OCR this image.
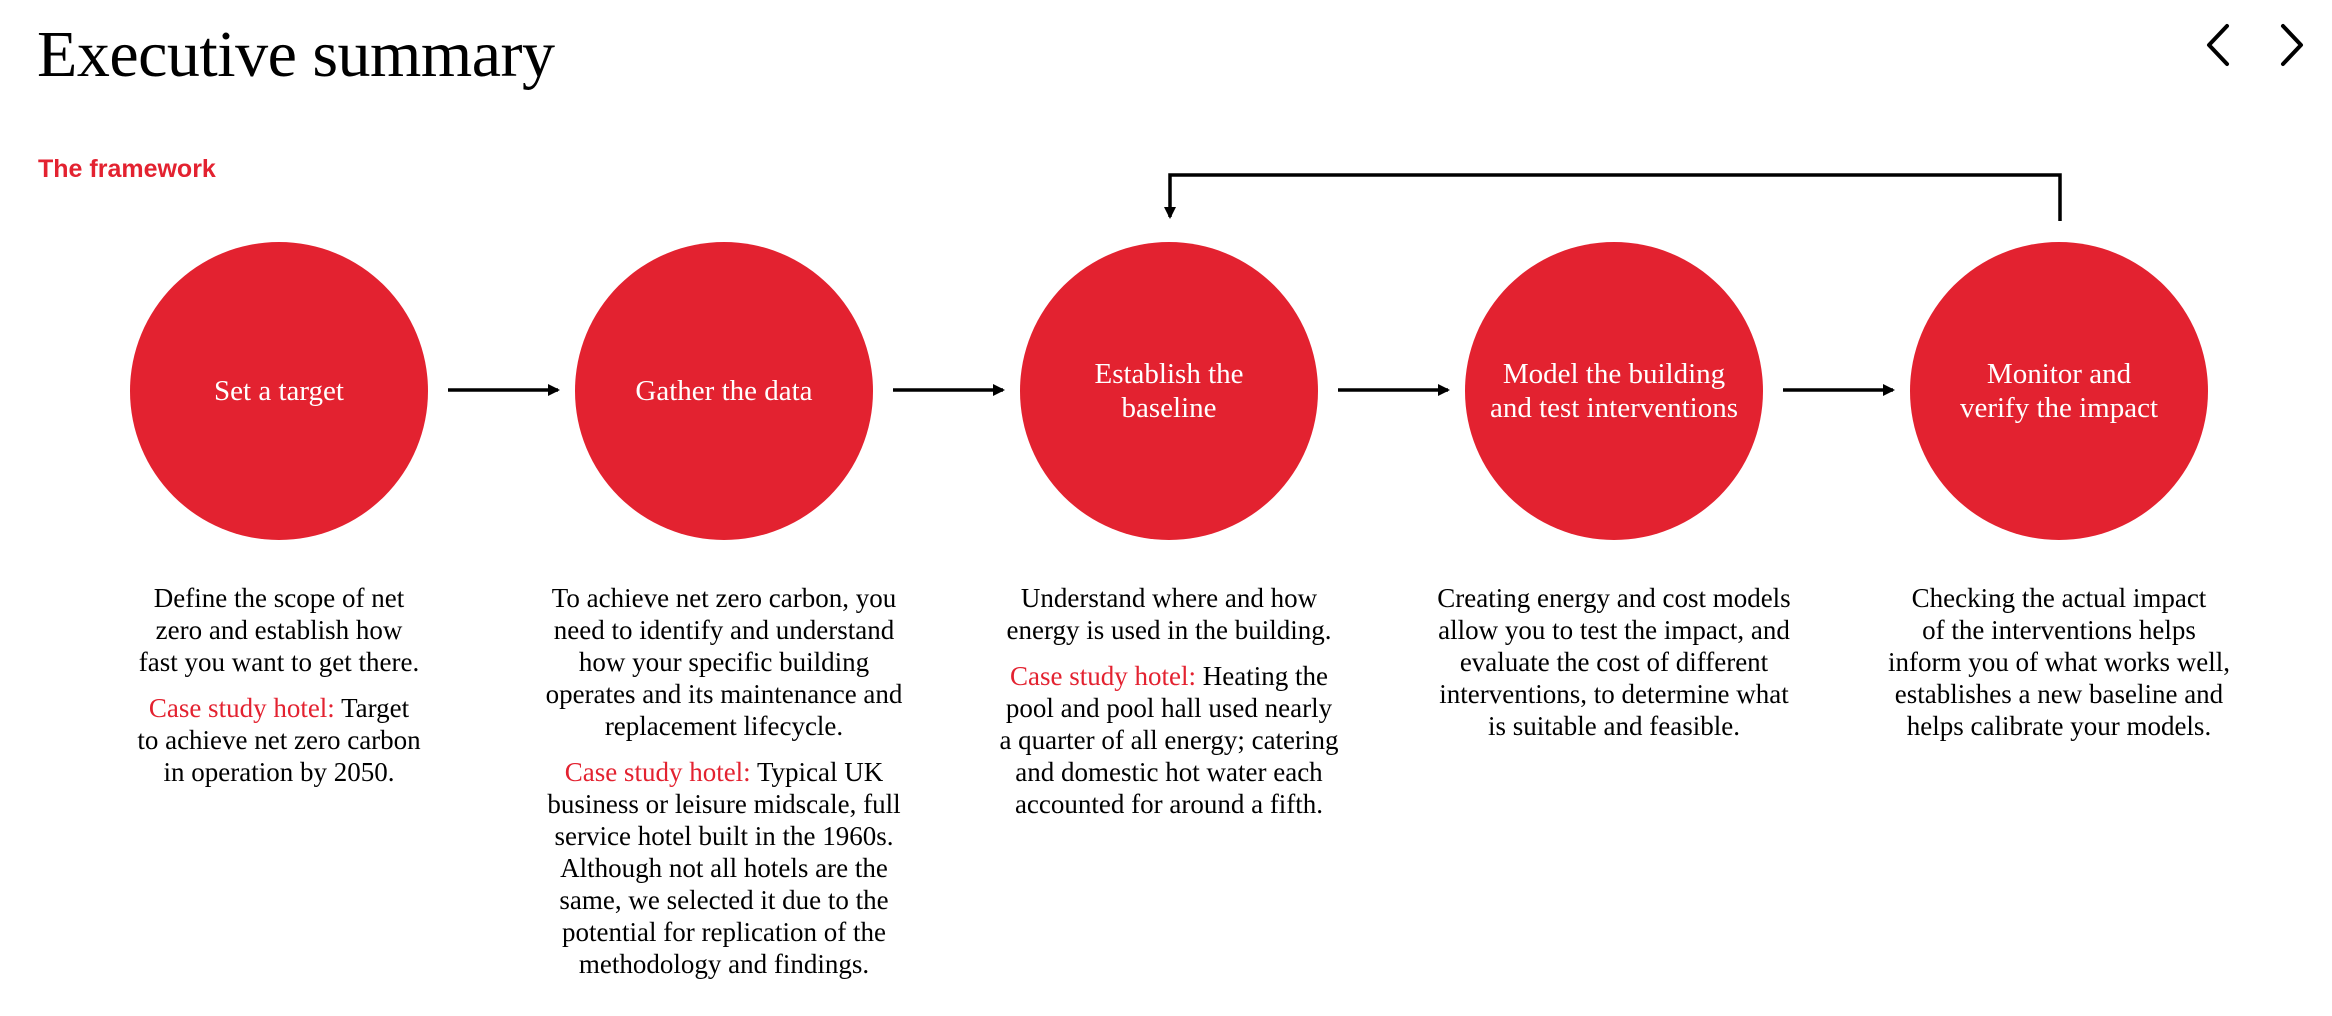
Executive summary
The framework
Set a target	Gather the data
Establish the
baseline
Model the building
and test interventions
Monitor and
verify the impact

Define the scope of net
zero and establish how
fast you want to get there.

Case study hotel: Target
to achieve net zero carbon
in operation by 2050.

To achieve net zero carbon, you
need to identify and understand
how your specific building
operates and its maintenance and
replacement lifecycle.

Case study hotel: Typical UK
business or leisure midscale, full
service hotel built in the 1960s.
Although not all hotels are the
same, we selected it due to the
potential for replication of the
methodology and findings.

Understand where and how
energy is used in the building.

Case study hotel: Heating the
pool and pool hall used nearly
a quarter of all energy; catering
and domestic hot water each
accounted for around a fifth.

Creating energy and cost models
allow you to test the impact, and
evaluate the cost of different
interventions, to determine what
is suitable and feasible.

Checking the actual impact
of the interventions helps
inform you of what works well,
establishes a new baseline and
helps calibrate your models.
